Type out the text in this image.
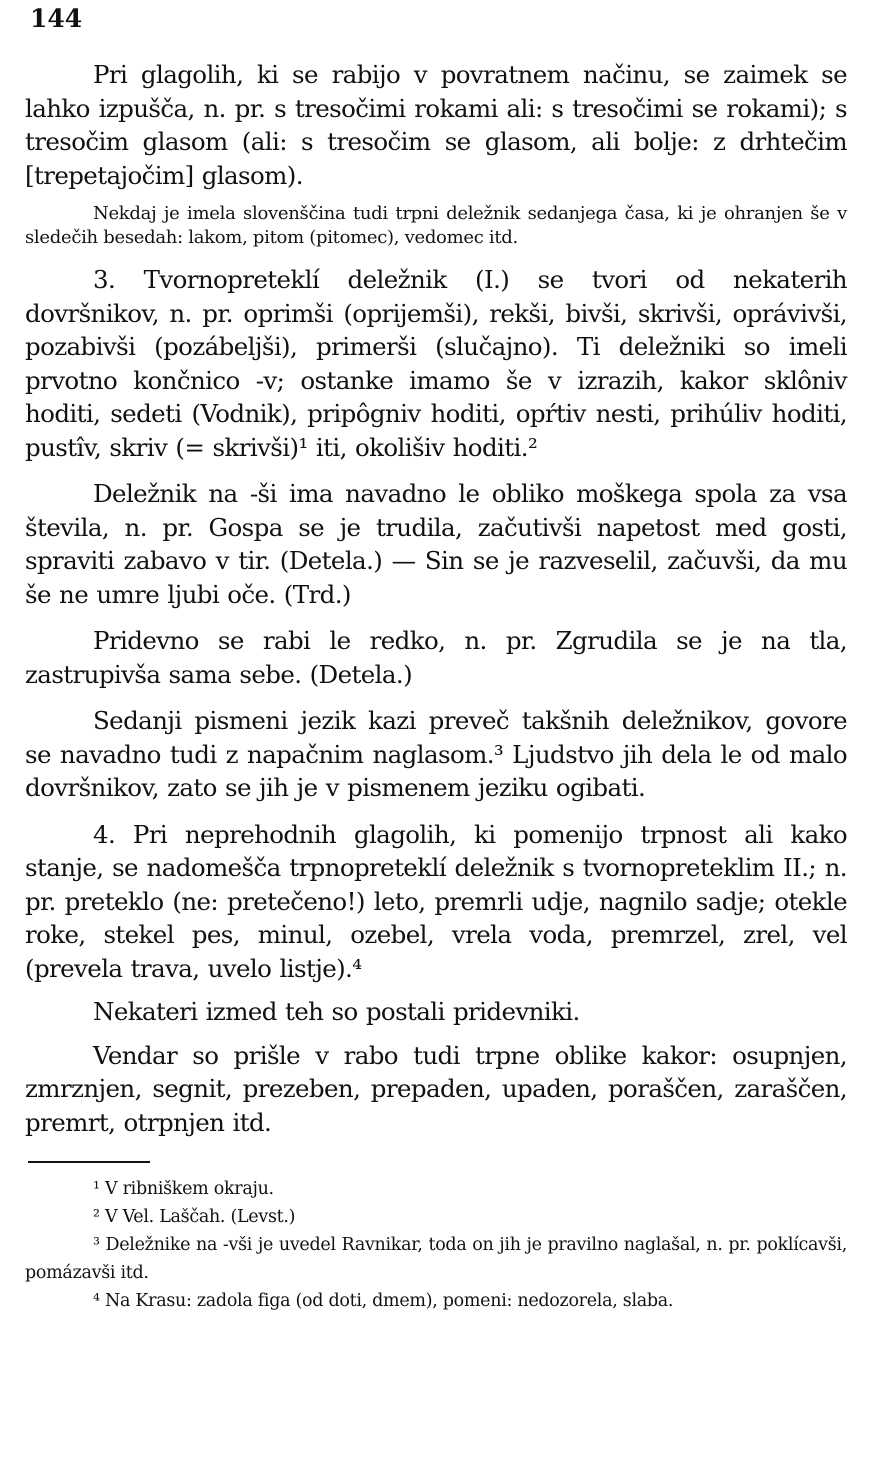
144

Pri glagolih, ki se rabijo v povratnem načinu, se zaimek se lahko izpušča, n. pr. s tresočimi rokami ali: s tresočimi se rokami); s tresočim glasom (ali: s tresočim se glasom, ali bolje: z drhtečim [trepetajočim] glasom).

Nekdaj je imela slovenščina tudi trpni deležnik sedanjega časa, ki je ohranjen še v sledečih besedah: lakom, pitom (pitomec), vedomec itd.

3. Tvornopreteklí deležnik (I.) se tvori od nekaterih dovršnikov, n. pr. oprimši (oprijemši), rekši, bivši, skrivši, oprávivši, pozabivši (pozábeljši), primerši (slučajno). Ti deležniki so imeli prvotno končnico -v; ostanke imamo še v izrazih, kakor sklôniv hoditi, sedeti (Vodnik), pripôgniv hoditi, opŕtiv nesti, prihúliv hoditi, pustîv, skriv (= skrivši)¹ iti, okolišiv hoditi.²

Deležnik na -ši ima navadno le obliko moškega spola za vsa števila, n. pr. Gospa se je trudila, začutivši napetost med gosti, spraviti zabavo v tir. (Detela.) — Sin se je razveselil, začuvši, da mu še ne umre ljubi oče. (Trd.)

Pridevno se rabi le redko, n. pr. Zgrudila se je na tla, zastrupivša sama sebe. (Detela.)

Sedanji pismeni jezik kazi preveč takšnih deležnikov, govore se navadno tudi z napačnim naglasom.³ Ljudstvo jih dela le od malo dovršnikov, zato se jih je v pismenem jeziku ogibati.

4. Pri neprehodnih glagolih, ki pomenijo trpnost ali kako stanje, se nadomešča trpnopreteklí deležnik s tvornopreteklim II.; n. pr. preteklo (ne: pretečeno!) leto, premrli udje, nagnilo sadje; otekle roke, stekel pes, minul, ozebel, vrela voda, premrzel, zrel, vel (prevela trava, uvelo listje).⁴

Nekateri izmed teh so postali pridevniki.

Vendar so prišle v rabo tudi trpne oblike kakor: osupnjen, zmrznjen, segnit, prezeben, prepaden, upaden, poraščen, zaraščen, premrt, otrpnjen itd.

¹ V ribniškem okraju.

² V Vel. Laščah. (Levst.)

³ Deležnike na -vši je uvedel Ravnikar, toda on jih je pravilno naglašal, n. pr. poklícavši, pomázavši itd.

⁴ Na Krasu: zadola figa (od doti, dmem), pomeni: nedozorela, slaba.
